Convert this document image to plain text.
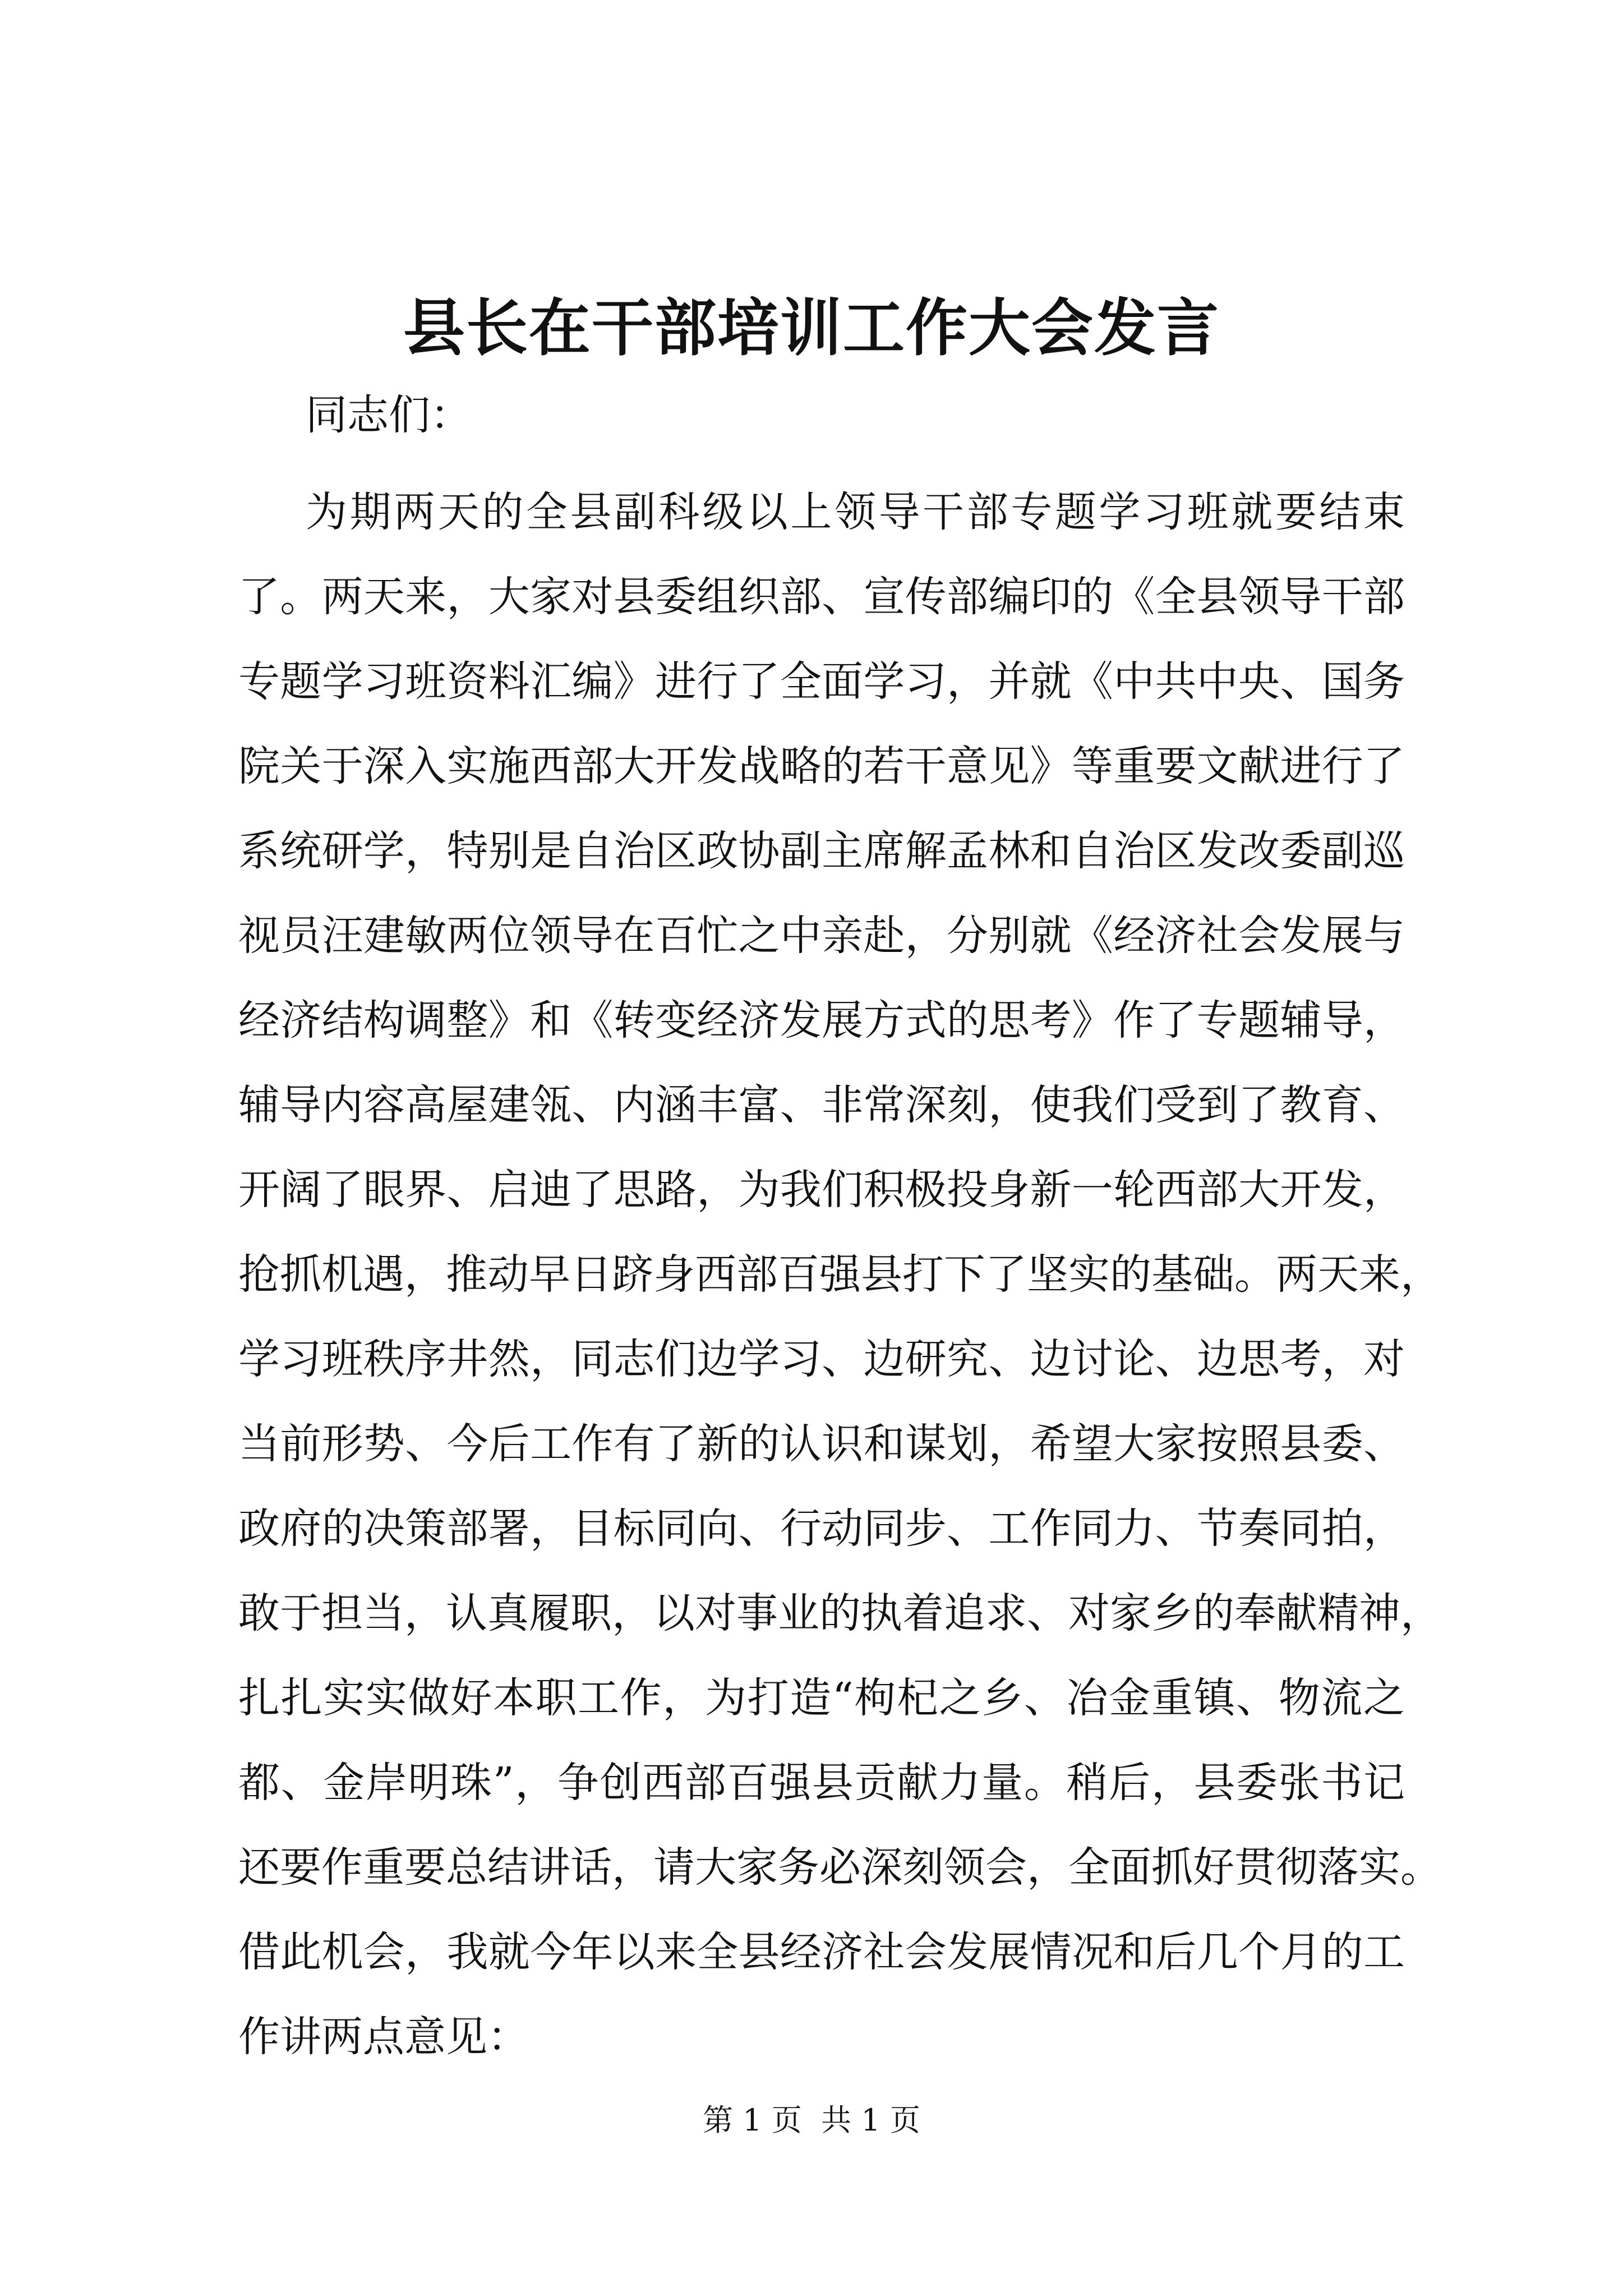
县长在干部培训工作大会发言
同志们：
为期两天的全县副科级以上领导干部专题学习班就要结束
了。两天来，大家对县委组织部、宣传部编印的《全县领导干部
专题学习班资料汇编》进行了全面学习，并就《中共中央、国务
院关于深入实施西部大开发战略的若干意见》等重要文献进行了
系统研学，特别是自治区政协副主席解孟林和自治区发改委副巡
视员汪建敏两位领导在百忙之中亲赴，分别就《经济社会发展与
经济结构调整》和《转变经济发展方式的思考》作了专题辅导，
辅导内容高屋建瓴、内涵丰富、非常深刻，使我们受到了教育、
开阔了眼界、启迪了思路，为我们积极投身新一轮西部大开发，
抢抓机遇，推动早日跻身西部百强县打下了坚实的基础。两天来，
学习班秩序井然，同志们边学习、边研究、边讨论、边思考，对
当前形势、今后工作有了新的认识和谋划，希望大家按照县委、
政府的决策部署，目标同向、行动同步、工作同力、节奏同拍，
敢于担当，认真履职，以对事业的执着追求、对家乡的奉献精神，
扎扎实实做好本职工作，为打造“枸杞之乡、冶金重镇、物流之
都、金岸明珠”，争创西部百强县贡献力量。稍后，县委张书记
还要作重要总结讲话，请大家务必深刻领会，全面抓好贯彻落实。
借此机会，我就今年以来全县经济社会发展情况和后几个月的工
作讲两点意见：
第 1 页  共 1 页
